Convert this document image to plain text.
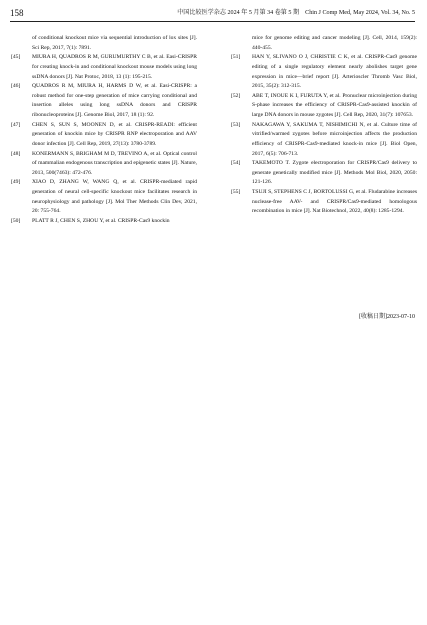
158	中国比较医学杂志 2024 年 5 月第 34 卷第 5 期　Chin J Comp Med, May 2024, Vol. 34, No. 5

of conditional knockout mice via sequential introduction of lox sites [J]. Sci Rep, 2017, 7(1): 7891.

[45] MIURA H, QUADROS R M, GURUMURTHY C B, et al. Easi-CRISPR for creating knock-in and conditional knockout mouse models using long ssDNA donors [J]. Nat Protoc, 2018, 13 (1): 195-215.

[46] QUADROS R M, MIURA H, HARMS D W, et al. Easi-CRISPR: a robust method for one-step generation of mice carrying conditional and insertion alleles using long ssDNA donors and CRISPR ribonucleoproteins [J]. Genome Biol, 2017, 18 (1): 92.

[47] CHEN S, SUN S, MOONEN D, et al. CRISPR-READI: efficient generation of knockin mice by CRISPR RNP electroporation and AAV donor infection [J]. Cell Rep, 2019, 27(13): 3780-3789.

[48] KONERMANN S, BRIGHAM M D, TREVINO A, et al. Optical control of mammalian endogenous transcription and epigenetic states [J]. Nature, 2013, 500(7463): 472-476.

[49] XIAO D, ZHANG W, WANG Q, et al. CRISPR-mediated rapid generation of neural cell-specific knockout mice facilitates research in neurophysiology and pathology [J]. Mol Ther Methods Clin Dev, 2021, 20: 755-764.

[50] PLATT R J, CHEN S, ZHOU Y, et al. CRISPR-Cas9 knockin

mice for genome editing and cancer modeling [J]. Cell, 2014, 159(2): 440-455.

[51] HAN Y, SLIVANO O J, CHRISTIE C K, et al. CRISPR-Cas9 genome editing of a single regulatory element nearly abolishes target gene expression in mice—brief report [J]. Arterioscler Thromb Vasc Biol, 2015, 35(2): 312-315.

[52] ABE T, INOUE K I, FURUTA Y, et al. Pronuclear microinjection during S-phase increases the efficiency of CRISPR-Cas9-assisted knockin of large DNA donors in mouse zygotes [J]. Cell Rep, 2020, 31(7): 107653.

[53] NAKAGAWA Y, SAKUMA T, NISHIMICHI N, et al. Culture time of vitrified/warmed zygotes before microinjection affects the production efficiency of CRISPR-Cas9-mediated knock-in mice [J]. Biol Open, 2017, 6(5): 706-713.

[54] TAKEMOTO T. Zygote electroporation for CRISPR/Cas9 delivery to generate genetically modified mice [J]. Methods Mol Biol, 2020, 2050: 121-126.

[55] TSUJI S, STEPHENS C J, BORTOLUSSI G, et al. Fludarabine increases nuclease-free AAV- and CRISPR/Cas9-mediated homologous recombination in mice [J]. Nat Biotechnol, 2022, 40(8): 1285-1294.

[收稿日期]2023-07-10
